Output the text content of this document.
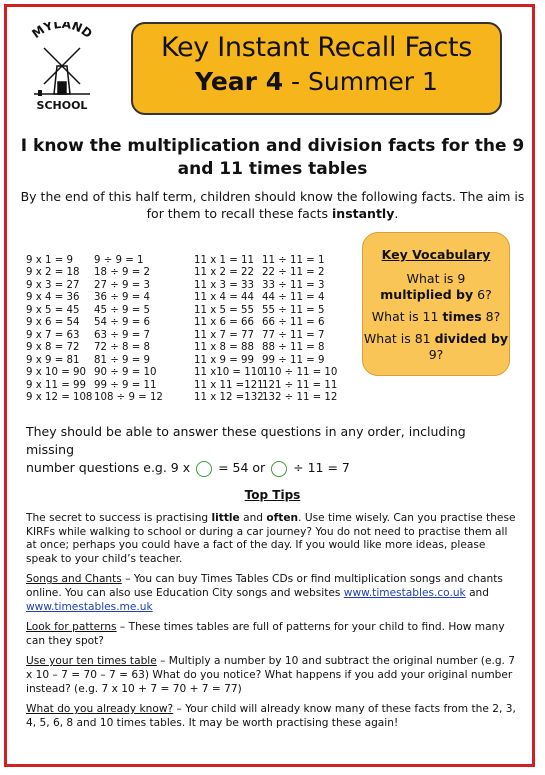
MYLAND
SCHOOL
Key Instant Recall Facts
Year 4 - Summer 1
I know the multiplication and division facts for the 9 and 11 times tables
By the end of this half term, children should know the following facts. The aim is for them to recall these facts instantly.
9 x 1 = 9
9 x 2 = 18
9 x 3 = 27
9 x 4 = 36
9 x 5 = 45
9 x 6 = 54
9 x 7 = 63
9 x 8 = 72
9 x 9 = 81
9 x 10 = 90
9 x 11 = 99
9 x 12 = 108
9 ÷ 9 = 1
18 ÷ 9 = 2
27 ÷ 9 = 3
36 ÷ 9 = 4
45 ÷ 9 = 5
54 ÷ 9 = 6
63 ÷ 9 = 7
72 ÷ 8 = 8
81 ÷ 9 = 9
90 ÷ 9 = 10
99 ÷ 9 = 11
108 ÷ 9 = 12
11 x 1 = 11
11 x 2 = 22
11 x 3 = 33
11 x 4 = 44
11 x 5 = 55
11 x 6 = 66
11 x 7 = 77
11 x 8 = 88
11 x 9 = 99
11 x10 = 110
11 x 11 =121
11 x 12 =132
11 ÷ 11 = 1
22 ÷ 11 = 2
33 ÷ 11 = 3
44 ÷ 11 = 4
55 ÷ 11 = 5
66 ÷ 11 = 6
77 ÷ 11 = 7
88 ÷ 11 = 8
99 ÷ 11 = 9
110 ÷ 11 = 10
121 ÷ 11 = 11
132 ÷ 11 = 12
Key Vocabulary

What is 9
multiplied by 6?

What is 11 times 8?

What is 81 divided by
9?

They should be able to answer these questions in any order, including missing
number questions e.g. 9 x  = 54 or  ÷ 11 = 7
Top Tips

The secret to success is practising little and often. Use time wisely. Can you practise these KIRFs while walking to school or during a car journey? You do not need to practise them all at once; perhaps you could have a fact of the day. If you would like more ideas, please speak to your child’s teacher.

Songs and Chants – You can buy Times Tables CDs or find multiplication songs and chants online. You can also use Education City songs and websites www.timestables.co.uk and
www.timestables.me.uk

Look for patterns – These times tables are full of patterns for your child to find. How many can they spot?

Use your ten times table – Multiply a number by 10 and subtract the original number (e.g. 7 x 10 – 7 = 70 – 7 = 63) What do you notice? What happens if you add your original number instead? (e.g. 7 x 10 + 7 = 70 + 7 = 77)

What do you already know? – Your child will already know many of these facts from the 2, 3, 4, 5, 6, 8 and 10 times tables. It may be worth practising these again!
